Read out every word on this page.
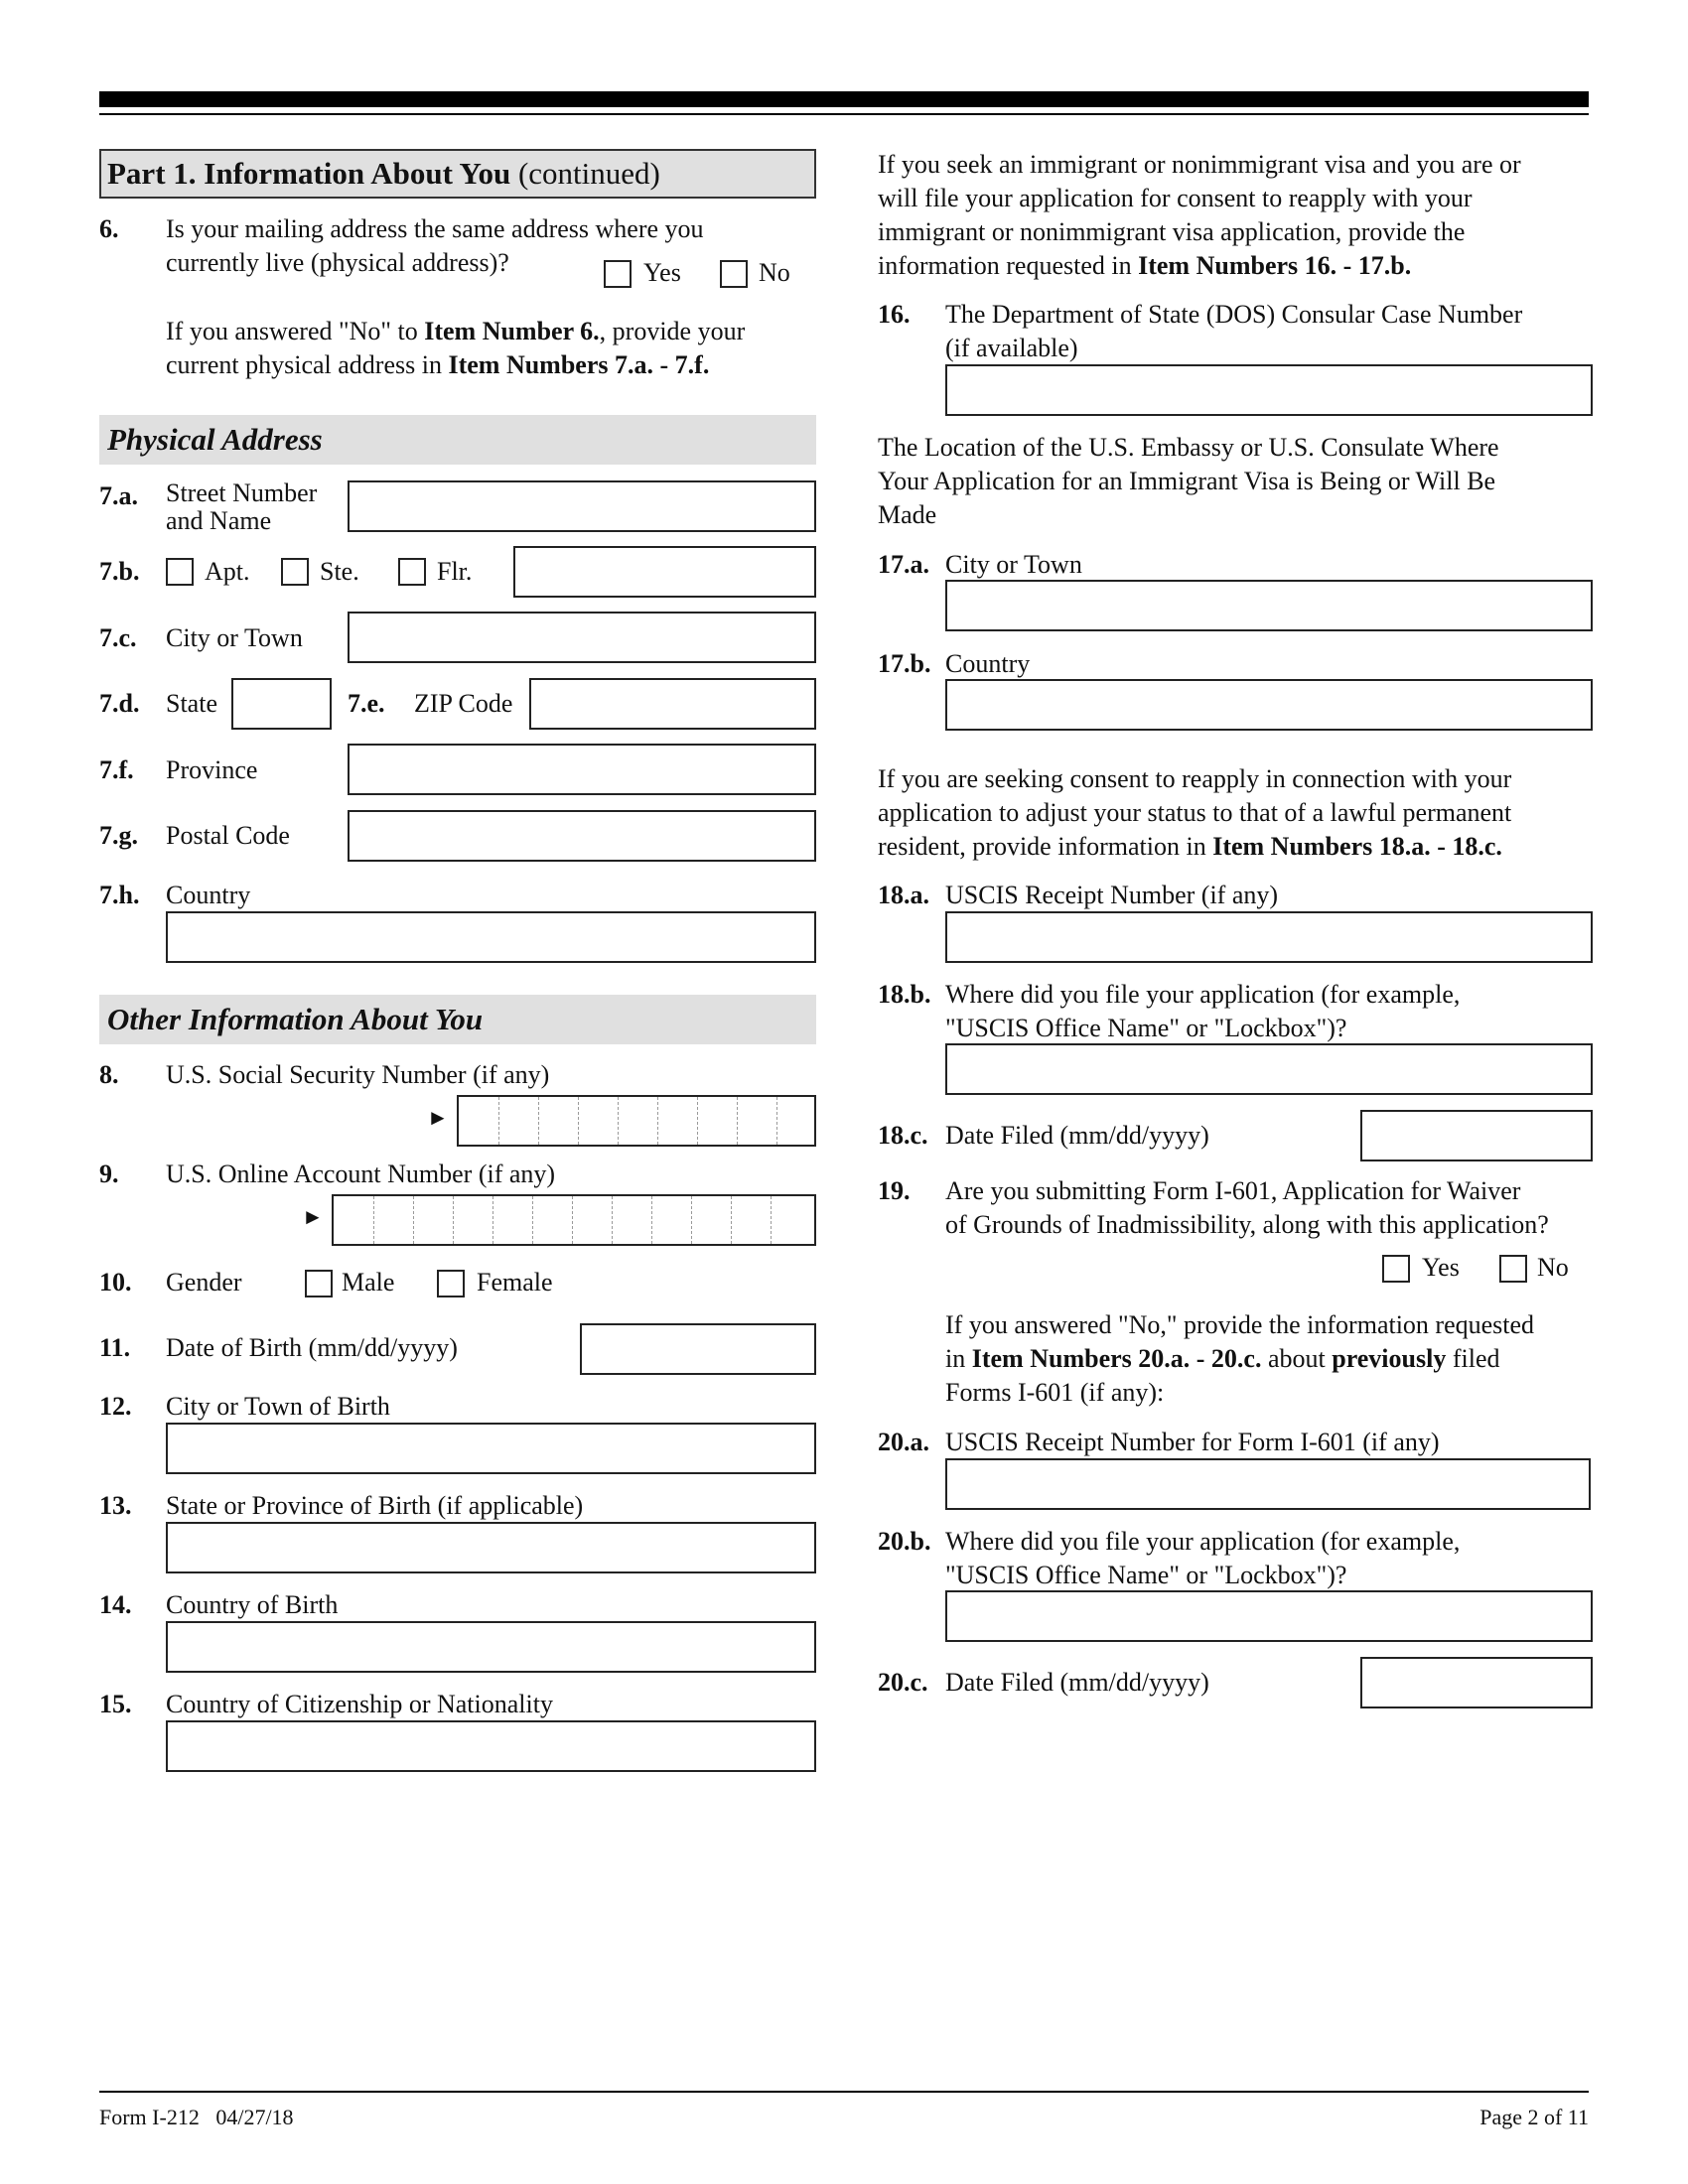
Part 1. Information About You (continued)
6. Is your mailing address the same address where you
currently live (physical address)?	Yes	No
If you answered "No" to Item Number 6., provide your
current physical address in Item Numbers 7.a. - 7.f.
Physical Address
7.a. Street Number
and Name
7.b.	Apt.	Ste.	Flr.
7.c. City or Town
7.d. State	7.e. ZIP Code
7.f. Province
7.g. Postal Code
7.h. Country
Other Information About You
8. U.S. Social Security Number (if any)
►
9. U.S. Online Account Number (if any)
►
10. Gender	Male	Female
11. Date of Birth (mm/dd/yyyy)
12. City or Town of Birth
13. State or Province of Birth (if applicable)
14. Country of Birth
15. Country of Citizenship or Nationality
If you seek an immigrant or nonimmigrant visa and you are or
will file your application for consent to reapply with your
immigrant or nonimmigrant visa application, provide the
information requested in Item Numbers 16. - 17.b.
16. The Department of State (DOS) Consular Case Number
(if available)
The Location of the U.S. Embassy or U.S. Consulate Where
Your Application for an Immigrant Visa is Being or Will Be
Made
17.a. City or Town
17.b. Country
If you are seeking consent to reapply in connection with your
application to adjust your status to that of a lawful permanent
resident, provide information in Item Numbers 18.a. - 18.c.
18.a. USCIS Receipt Number (if any)
18.b. Where did you file your application (for example,
"USCIS Office Name" or "Lockbox")?
18.c. Date Filed (mm/dd/yyyy)
19. Are you submitting Form I-601, Application for Waiver
of Grounds of Inadmissibility, along with this application?
Yes	No
If you answered "No," provide the information requested
in Item Numbers 20.a. - 20.c. about previously filed
Forms I-601 (if any):
20.a. USCIS Receipt Number for Form I-601 (if any)
20.b. Where did you file your application (for example,
"USCIS Office Name" or "Lockbox")?
20.c. Date Filed (mm/dd/yyyy)
Form I-212   04/27/18	Page 2 of 11
